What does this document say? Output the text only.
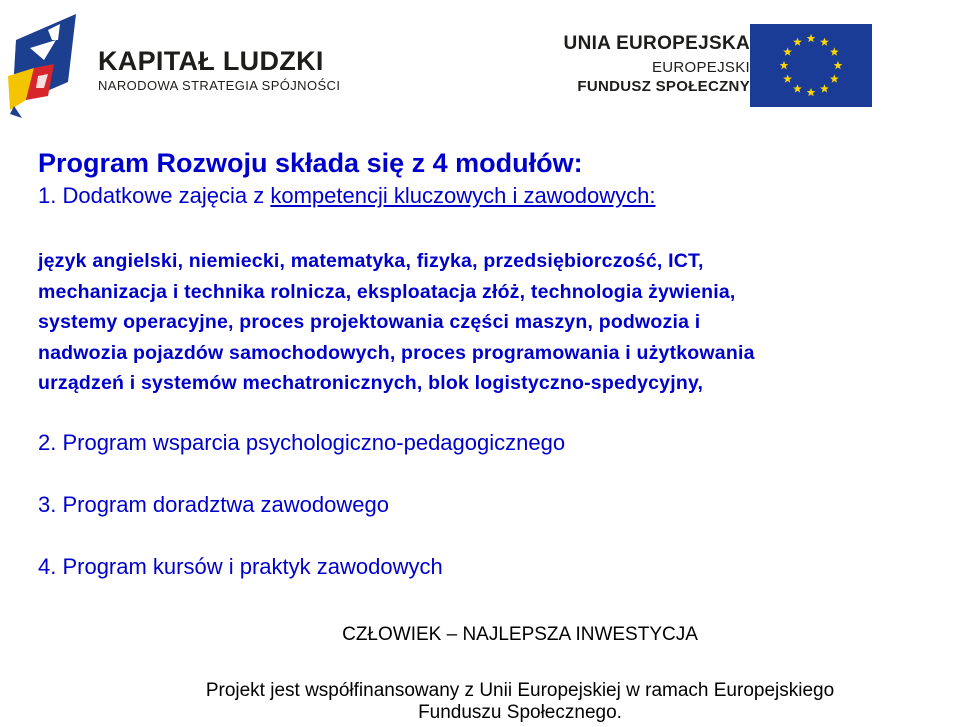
KAPITAŁ LUDZKI
NARODOWA STRATEGIA SPÓJNOŚCI
UNIA EUROPEJSKA
EUROPEJSKI
FUNDUSZ SPOŁECZNY
Program Rozwoju składa się z 4 modułów:
1. Dodatkowe zajęcia z kompetencji kluczowych i zawodowych:
język angielski, niemiecki, matematyka, fizyka, przedsiębiorczość, ICT,
mechanizacja i technika rolnicza, eksploatacja złóż, technologia żywienia,
systemy operacyjne, proces projektowania części maszyn, podwozia i
nadwozia pojazdów samochodowych, proces programowania i użytkowania
urządzeń i systemów mechatronicznych, blok logistyczno-spedycyjny,
2. Program wsparcia psychologiczno-pedagogicznego
3. Program doradztwa zawodowego
4. Program kursów i praktyk zawodowych
CZŁOWIEK – NAJLEPSZA INWESTYCJA
Projekt jest współfinansowany z Unii Europejskiej w ramach Europejskiego
Funduszu Społecznego.
